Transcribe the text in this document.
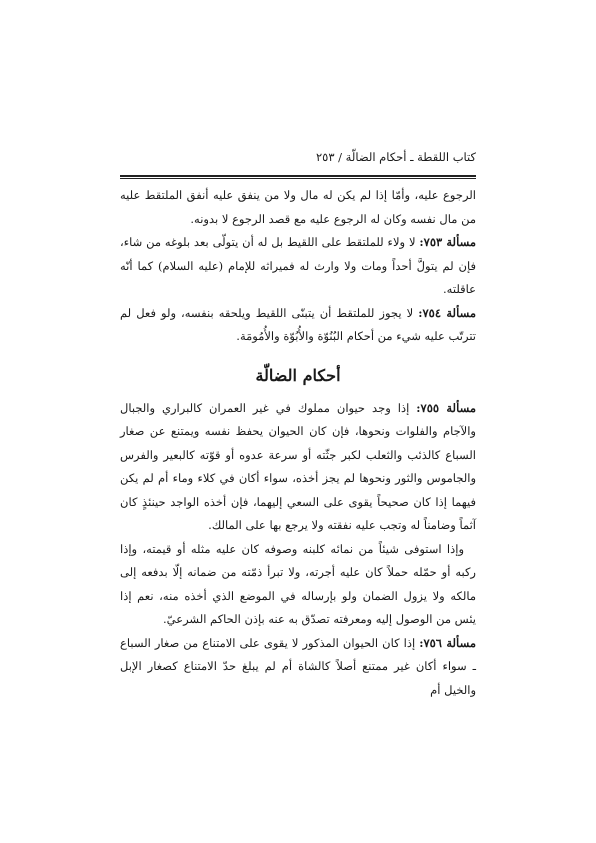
كتاب اللقطة ـ أحكام الضالّة / ٢٥٣

الرجوع عليه، وأمّا إذا لم يكن له مال ولا من ينفق عليه أنفق الملتقط عليه من مال نفسه وكان له الرجوع عليه مع قصد الرجوع لا بدونه.

مسألة ٧٥٣: لا ولاء للملتقط على اللقيط بل له أن يتولّى بعد بلوغه من شاء، فإن لم يتولَّ أحداً ومات ولا وارث له فميراثه للإمام (عليه السلام) كما أنّه عاقلته.

مسألة ٧٥٤: لا يجوز للملتقط أن يتبنّى اللقيط ويلحقه بنفسه، ولو فعل لم تترتّب عليه شيء من أحكام البُنُوّة والأُبُوّة والأُمُومَة.

أحكام الضالّة

مسألة ٧٥٥: إذا وجد حيوان مملوك في غير العمران كالبراري والجبال والآجام والفلوات ونحوها، فإن كان الحيوان يحفظ نفسه ويمتنع عن صغار السباع كالذئب والثعلب لكبر جثّته أو سرعة عدوه أو قوّته كالبعير والفرس والجاموس والثور ونحوها لم يجز أخذه، سواء أكان في كلاء وماء أم لم يكن فيهما إذا كان صحيحاً يقوى على السعي إليهما، فإن أخذه الواجد حينئذٍ كان آثماً وضامناً له وتجب عليه نفقته ولا يرجع بها على المالك.

وإذا استوفى شيئاً من نمائه كلبنه وصوفه كان عليه مثله أو قيمته، وإذا ركبه أو حمّله حملاً كان عليه أجرته، ولا تبرأ ذمّته من ضمانه إلّا بدفعه إلى مالكه ولا يزول الضمان ولو بإرساله في الموضع الذي أخذه منه، نعم إذا يئس من الوصول إليه ومعرفته تصدّق به عنه بإذن الحاكم الشرعيّ.

مسألة ٧٥٦: إذا كان الحيوان المذكور لا يقوى على الامتناع من صغار السباع ـ سواء أكان غير ممتنع أصلاً كالشاة أم لم يبلغ حدّ الامتناع كصغار الإبل والخيل أم
